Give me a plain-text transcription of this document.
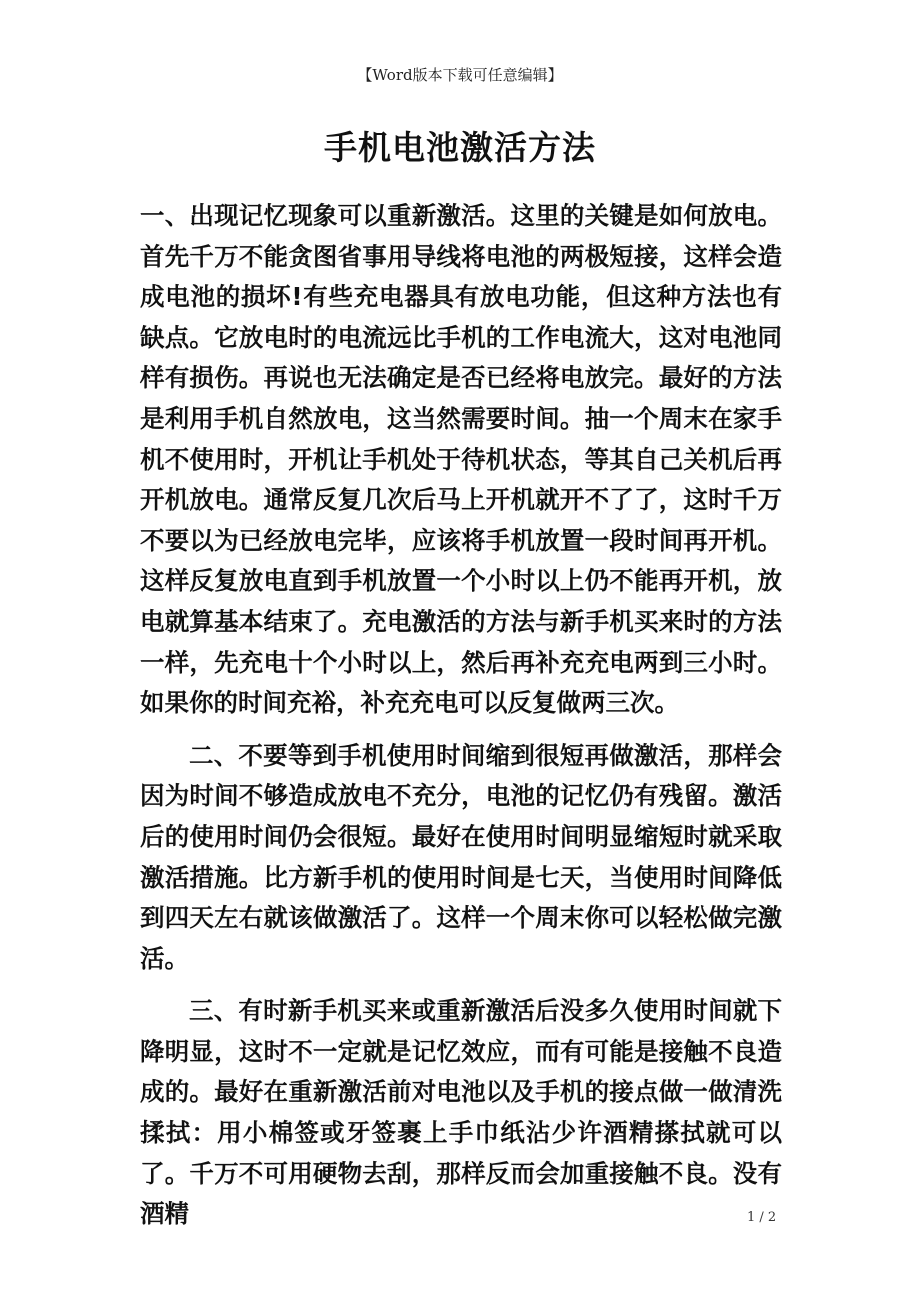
【Word版本下载可任意编辑】
手机电池激活方法

一、出现记忆现象可以重新激活。这里的关键是如何放电。首先千万不能贪图省事用导线将电池的两极短接，这样会造成电池的损坏!有些充电器具有放电功能，但这种方法也有缺点。它放电时的电流远比手机的工作电流大，这对电池同样有损伤。再说也无法确定是否已经将电放完。最好的方法是利用手机自然放电，这当然需要时间。抽一个周末在家手机不使用时，开机让手机处于待机状态，等其自己关机后再开机放电。通常反复几次后马上开机就开不了了，这时千万不要以为已经放电完毕，应该将手机放置一段时间再开机。这样反复放电直到手机放置一个小时以上仍不能再开机，放电就算基本结束了。充电激活的方法与新手机买来时的方法一样，先充电十个小时以上，然后再补充充电两到三小时。如果你的时间充裕，补充充电可以反复做两三次。

二、不要等到手机使用时间缩到很短再做激活，那样会因为时间不够造成放电不充分，电池的记忆仍有残留。激活后的使用时间仍会很短。最好在使用时间明显缩短时就采取激活措施。比方新手机的使用时间是七天，当使用时间降低到四天左右就该做激活了。这样一个周末你可以轻松做完激活。

三、有时新手机买来或重新激活后没多久使用时间就下降明显，这时不一定就是记忆效应，而有可能是接触不良造成的。最好在重新激活前对电池以及手机的接点做一做清洗揉拭：用小棉签或牙签裹上手巾纸沾少许酒精搽拭就可以了。千万不可用硬物去刮，那样反而会加重接触不良。没有酒精	1 / 2
